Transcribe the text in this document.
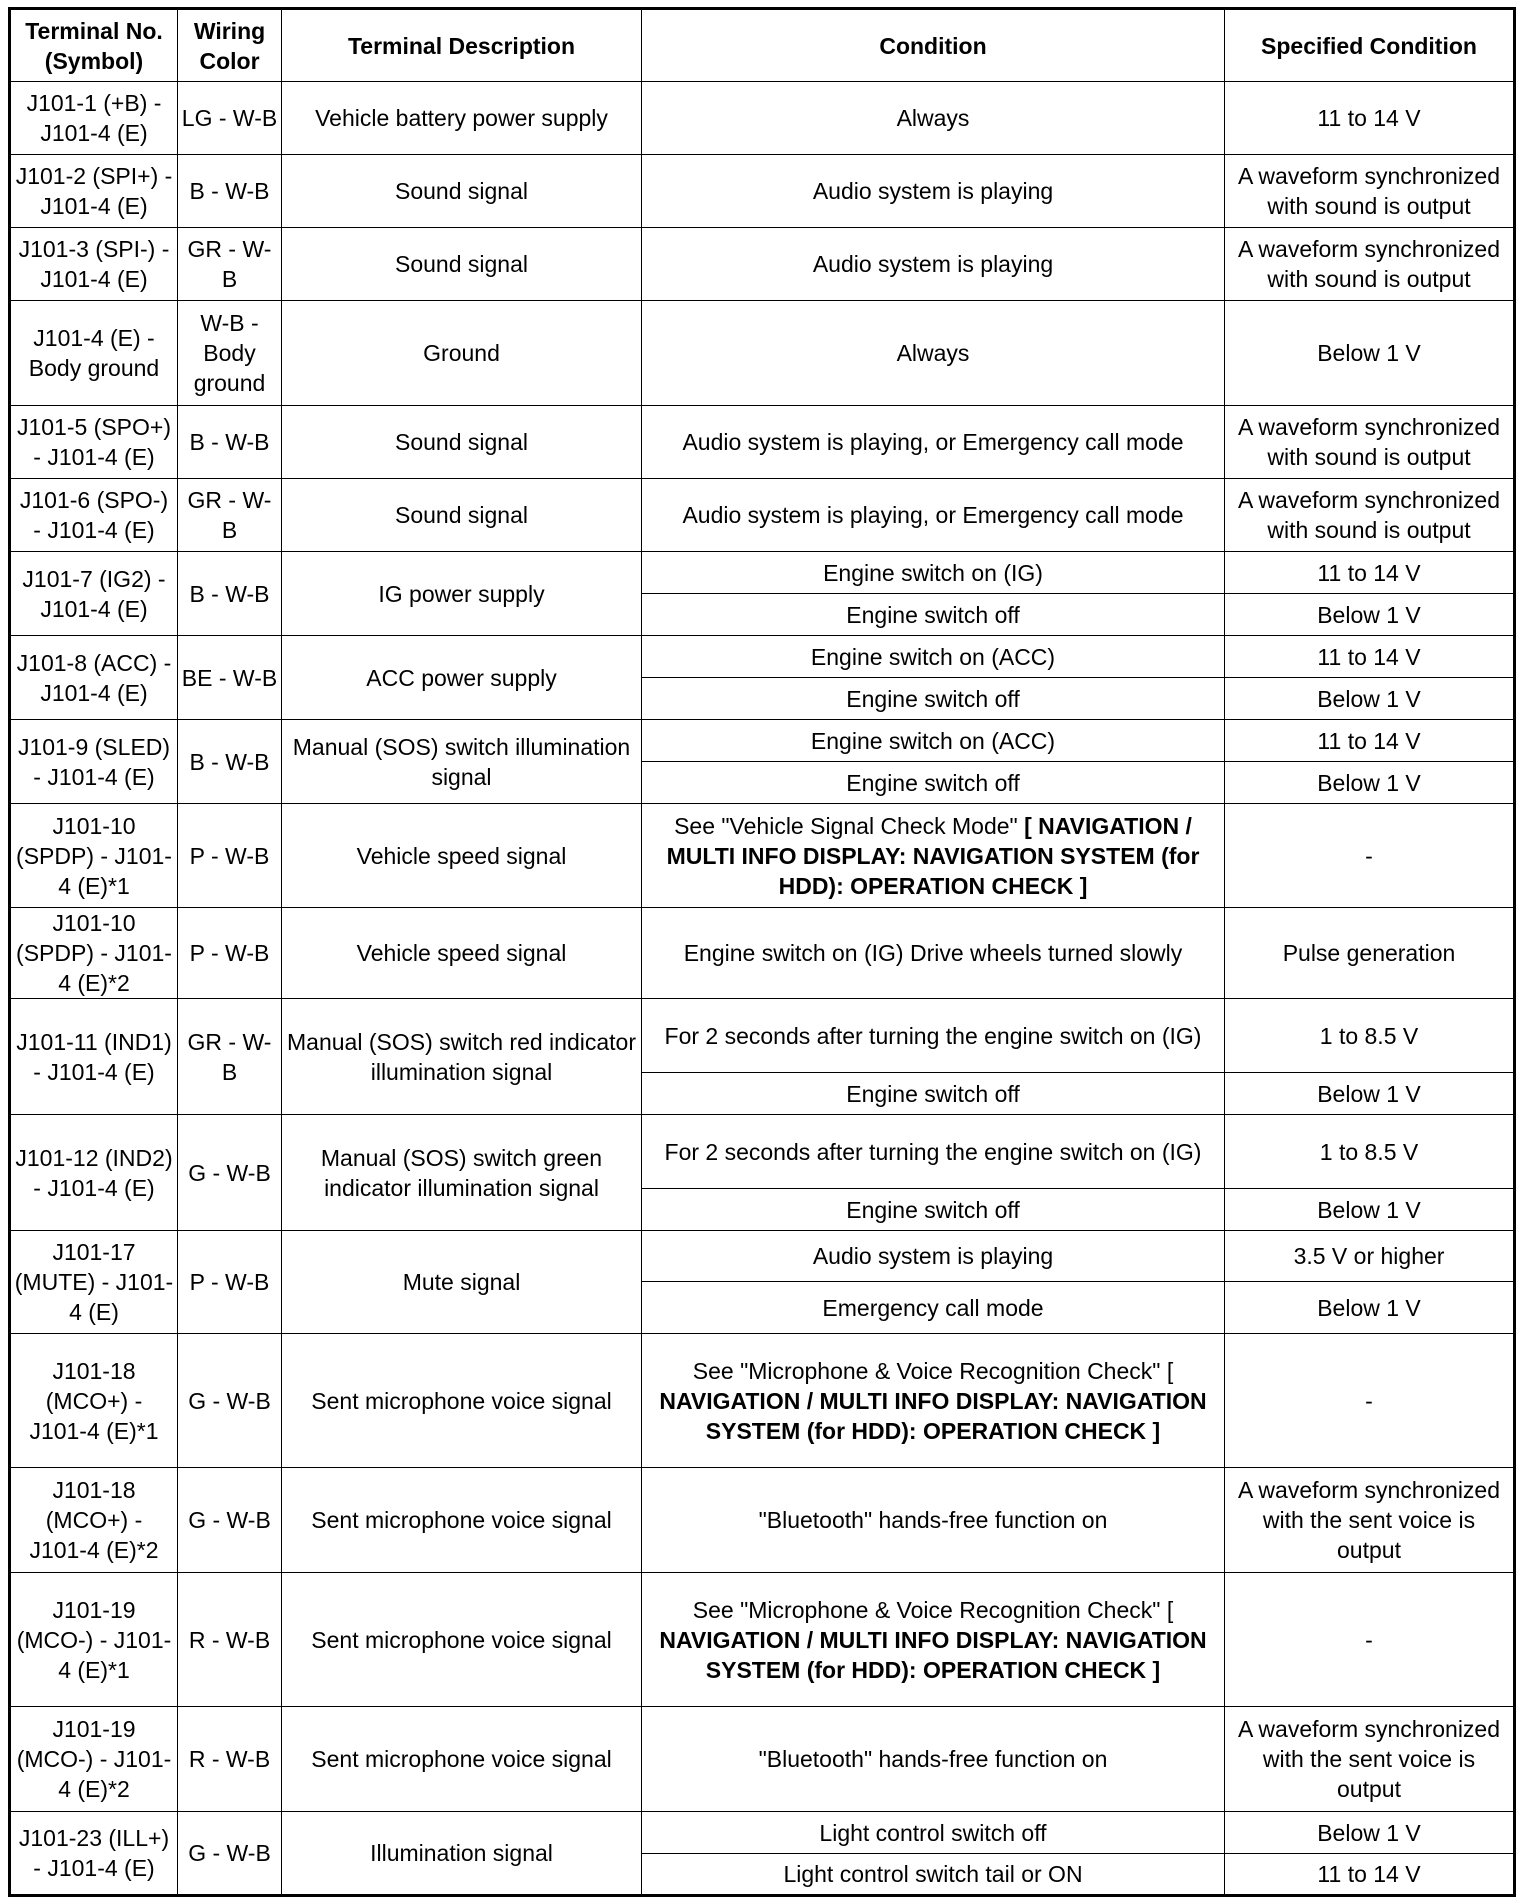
Terminal No. (Symbol)	Wiring Color	Terminal Description	Condition	Specified Condition
J101-1 (+B) - J101-4 (E)	LG - W-B	Vehicle battery power supply	Always	11 to 14 V
J101-2 (SPI+) - J101-4 (E)	B - W-B	Sound signal	Audio system is playing	A waveform synchronized with sound is output
J101-3 (SPI-) - J101-4 (E)	GR - W-B	Sound signal	Audio system is playing	A waveform synchronized with sound is output
J101-4 (E) - Body ground	W-B - Body ground	Ground	Always	Below 1 V
J101-5 (SPO+) - J101-4 (E)	B - W-B	Sound signal	Audio system is playing, or Emergency call mode	A waveform synchronized with sound is output
J101-6 (SPO-) - J101-4 (E)	GR - W-B	Sound signal	Audio system is playing, or Emergency call mode	A waveform synchronized with sound is output
J101-7 (IG2) - J101-4 (E)	B - W-B	IG power supply	Engine switch on (IG)	11 to 14 V
			Engine switch off	Below 1 V
J101-8 (ACC) - J101-4 (E)	BE - W-B	ACC power supply	Engine switch on (ACC)	11 to 14 V
			Engine switch off	Below 1 V
J101-9 (SLED) - J101-4 (E)	B - W-B	Manual (SOS) switch illumination signal	Engine switch on (ACC)	11 to 14 V
			Engine switch off	Below 1 V
J101-10 (SPDP) - J101-4 (E)*1	P - W-B	Vehicle speed signal	See "Vehicle Signal Check Mode" [ NAVIGATION / MULTI INFO DISPLAY: NAVIGATION SYSTEM (for HDD): OPERATION CHECK ]	-
J101-10 (SPDP) - J101-4 (E)*2	P - W-B	Vehicle speed signal	Engine switch on (IG) Drive wheels turned slowly	Pulse generation
J101-11 (IND1) - J101-4 (E)	GR - W-B	Manual (SOS) switch red indicator illumination signal	For 2 seconds after turning the engine switch on (IG)	1 to 8.5 V
			Engine switch off	Below 1 V
J101-12 (IND2) - J101-4 (E)	G - W-B	Manual (SOS) switch green indicator illumination signal	For 2 seconds after turning the engine switch on (IG)	1 to 8.5 V
			Engine switch off	Below 1 V
J101-17 (MUTE) - J101-4 (E)	P - W-B	Mute signal	Audio system is playing	3.5 V or higher
			Emergency call mode	Below 1 V
J101-18 (MCO+) - J101-4 (E)*1	G - W-B	Sent microphone voice signal	See "Microphone & Voice Recognition Check" [ NAVIGATION / MULTI INFO DISPLAY: NAVIGATION SYSTEM (for HDD): OPERATION CHECK ]	-
J101-18 (MCO+) - J101-4 (E)*2	G - W-B	Sent microphone voice signal	"Bluetooth" hands-free function on	A waveform synchronized with the sent voice is output
J101-19 (MCO-) - J101-4 (E)*1	R - W-B	Sent microphone voice signal	See "Microphone & Voice Recognition Check" [ NAVIGATION / MULTI INFO DISPLAY: NAVIGATION SYSTEM (for HDD): OPERATION CHECK ]	-
J101-19 (MCO-) - J101-4 (E)*2	R - W-B	Sent microphone voice signal	"Bluetooth" hands-free function on	A waveform synchronized with the sent voice is output
J101-23 (ILL+) - J101-4 (E)	G - W-B	Illumination signal	Light control switch off	Below 1 V
			Light control switch tail or ON	11 to 14 V
